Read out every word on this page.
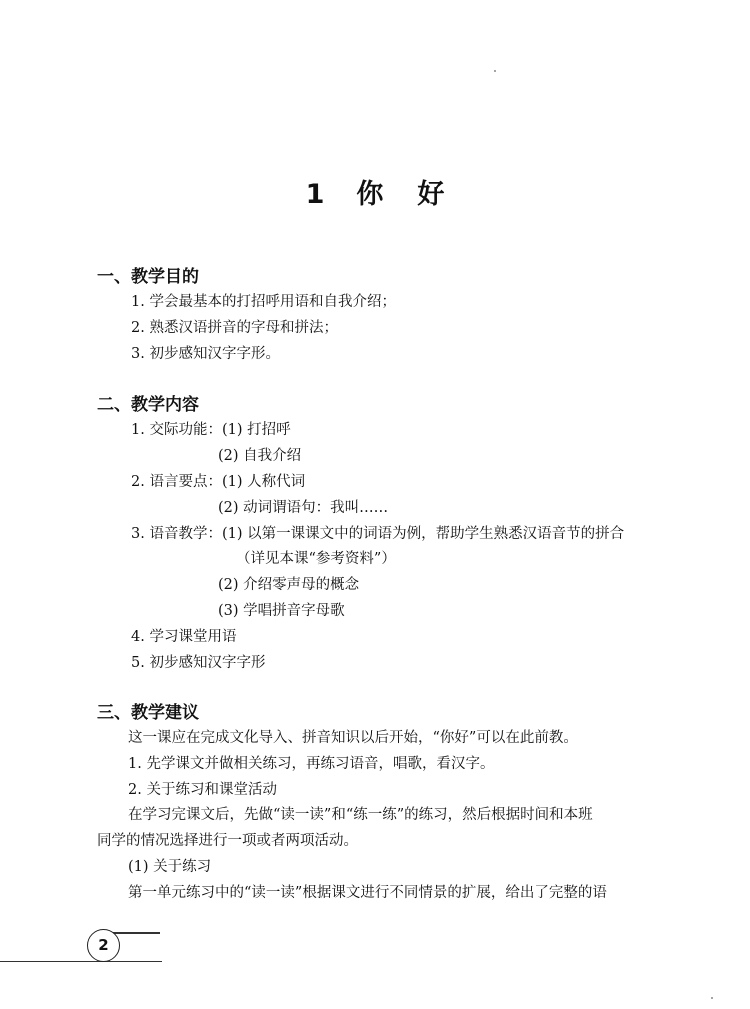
1 你 好
一、教学目的
1. 学会最基本的打招呼用语和自我介绍；
2. 熟悉汉语拼音的字母和拼法；
3. 初步感知汉字字形。
二、教学内容
1. 交际功能：(1) 打招呼
(2) 自我介绍
2. 语言要点：(1) 人称代词
(2) 动词谓语句：我叫……
3. 语音教学：(1) 以第一课课文中的词语为例，帮助学生熟悉汉语音节的拼合
（详见本课“参考资料”）
(2) 介绍零声母的概念
(3) 学唱拼音字母歌
4. 学习课堂用语
5. 初步感知汉字字形
三、教学建议
这一课应在完成文化导入、拼音知识以后开始，“你好”可以在此前教。
1. 先学课文并做相关练习，再练习语音，唱歌，看汉字。
2. 关于练习和课堂活动
在学习完课文后，先做“读一读”和“练一练”的练习，然后根据时间和本班
同学的情况选择进行一项或者两项活动。
(1) 关于练习
第一单元练习中的“读一读”根据课文进行不同情景的扩展，给出了完整的语
2
